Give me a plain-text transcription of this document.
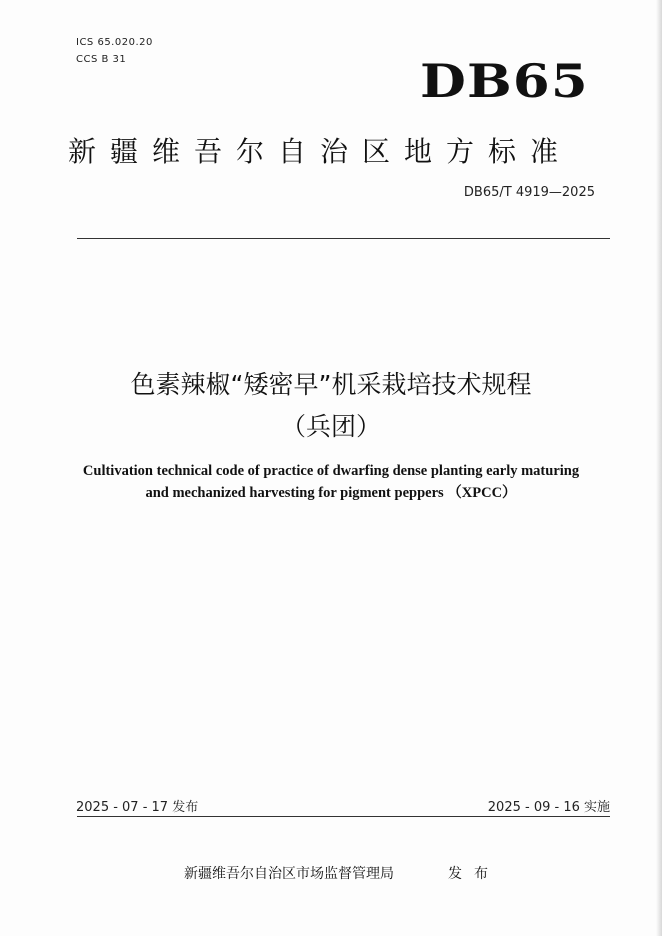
ICS 65.020.20
CCS B 31	DB65
新疆维吾尔自治区地方标准
DB65/T 4919—2025
色素辣椒“矮密早”机采栽培技术规程
（兵团）
Cultivation technical code of practice of dwarfing dense planting early maturing
and mechanized harvesting for pigment peppers （XPCC）
2025 - 07 - 17 发布	2025 - 09 - 16 实施
新疆维吾尔自治区市场监督管理局	发布
